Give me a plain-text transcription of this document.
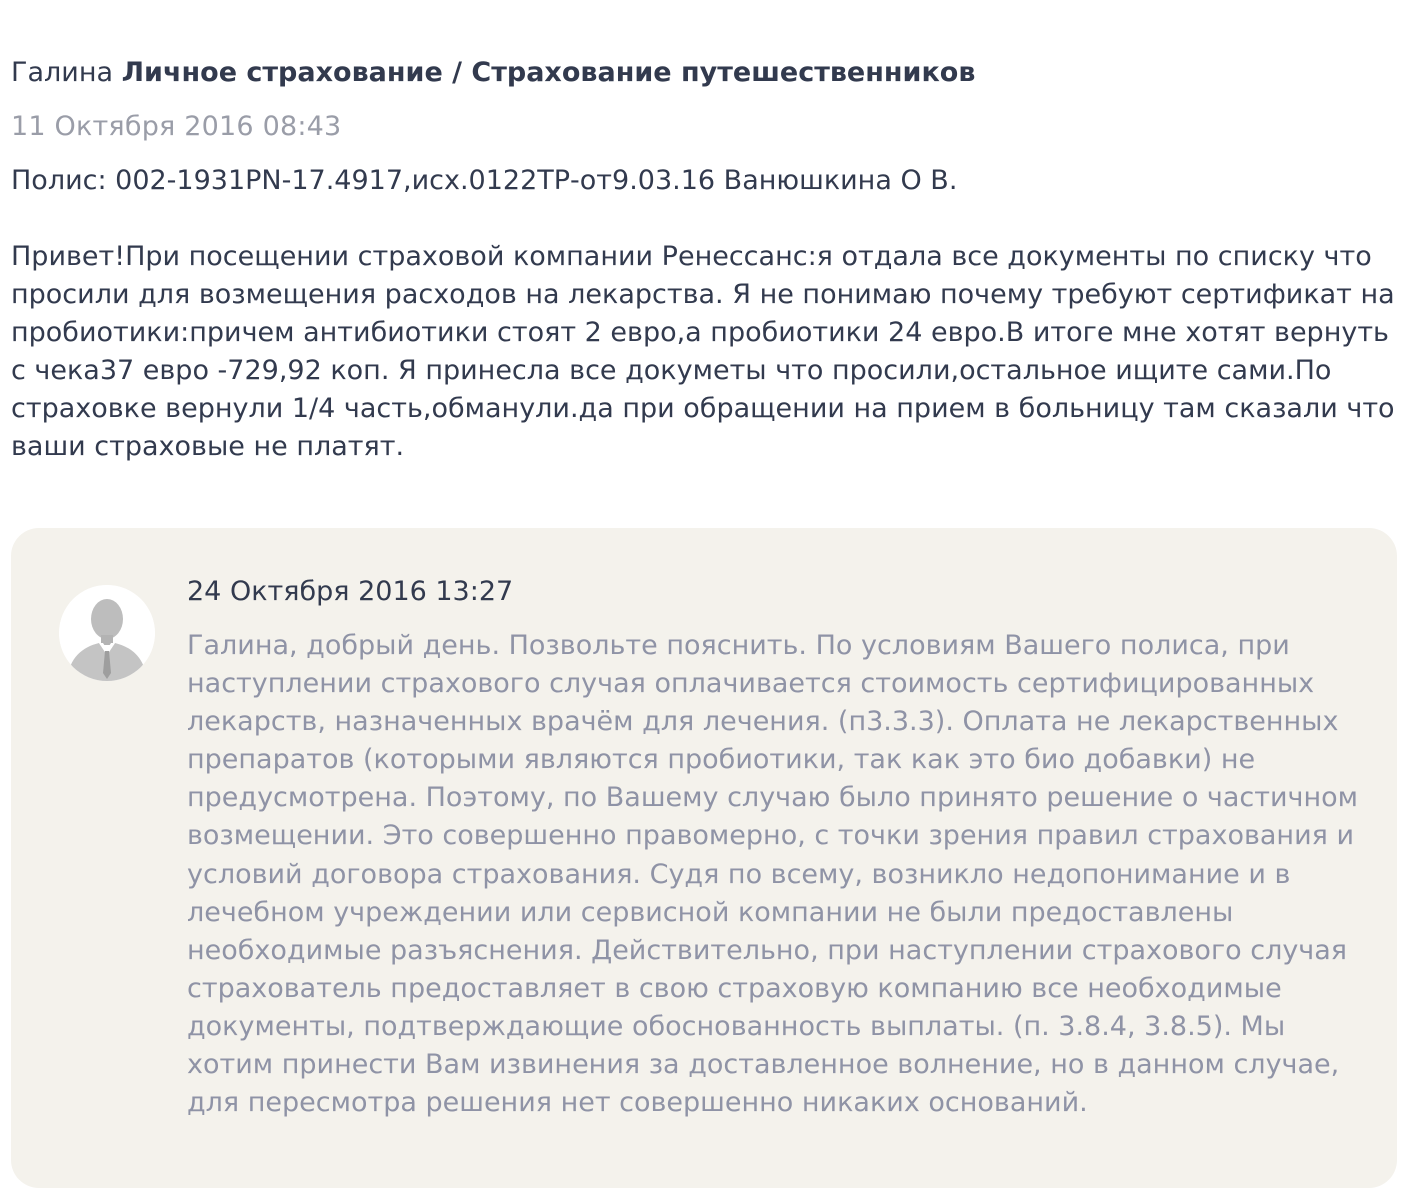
Галина Личное страхование / Страхование путешественников
11 Октября 2016 08:43
Полис: 002-1931PN-17.4917,исх.0122ТР-от9.03.16 Ванюшкина О В.
Привет!При посещении страховой компании Ренессанс:я отдала все документы по списку что просили для возмещения расходов на лекарства. Я не понимаю почему требуют сертификат на пробиотики:причем антибиотики стоят 2 евро,а пробиотики 24 евро.В итоге мне хотят вернуть с чека37 евро -729,92 коп. Я принесла все докуметы что просили,остальное ищите сами.По страховке вернули 1/4 часть,обманули.да при обращении на прием в больницу там сказали что ваши страховые не платят.
24 Октября 2016 13:27
Галина, добрый день. Позвольте пояснить. По условиям Вашего полиса, при наступлении страхового случая оплачивается стоимость сертифицированных лекарств, назначенных врачём для лечения. (п3.3.3). Оплата не лекарственных препаратов (которыми являются пробиотики, так как это био добавки) не предусмотрена. Поэтому, по Вашему случаю было принято решение о частичном возмещении. Это совершенно правомерно, с точки зрения правил страхования и условий договора страхования. Судя по всему, возникло недопонимание и в лечебном учреждении или сервисной компании не были предоставлены необходимые разъяснения. Действительно, при наступлении страхового случая страхователь предоставляет в свою страховую компанию все необходимые документы, подтверждающие обоснованность выплаты. (п. 3.8.4, 3.8.5). Мы хотим принести Вам извинения за доставленное волнение, но в данном случае, для пересмотра решения нет совершенно никаких оснований.
